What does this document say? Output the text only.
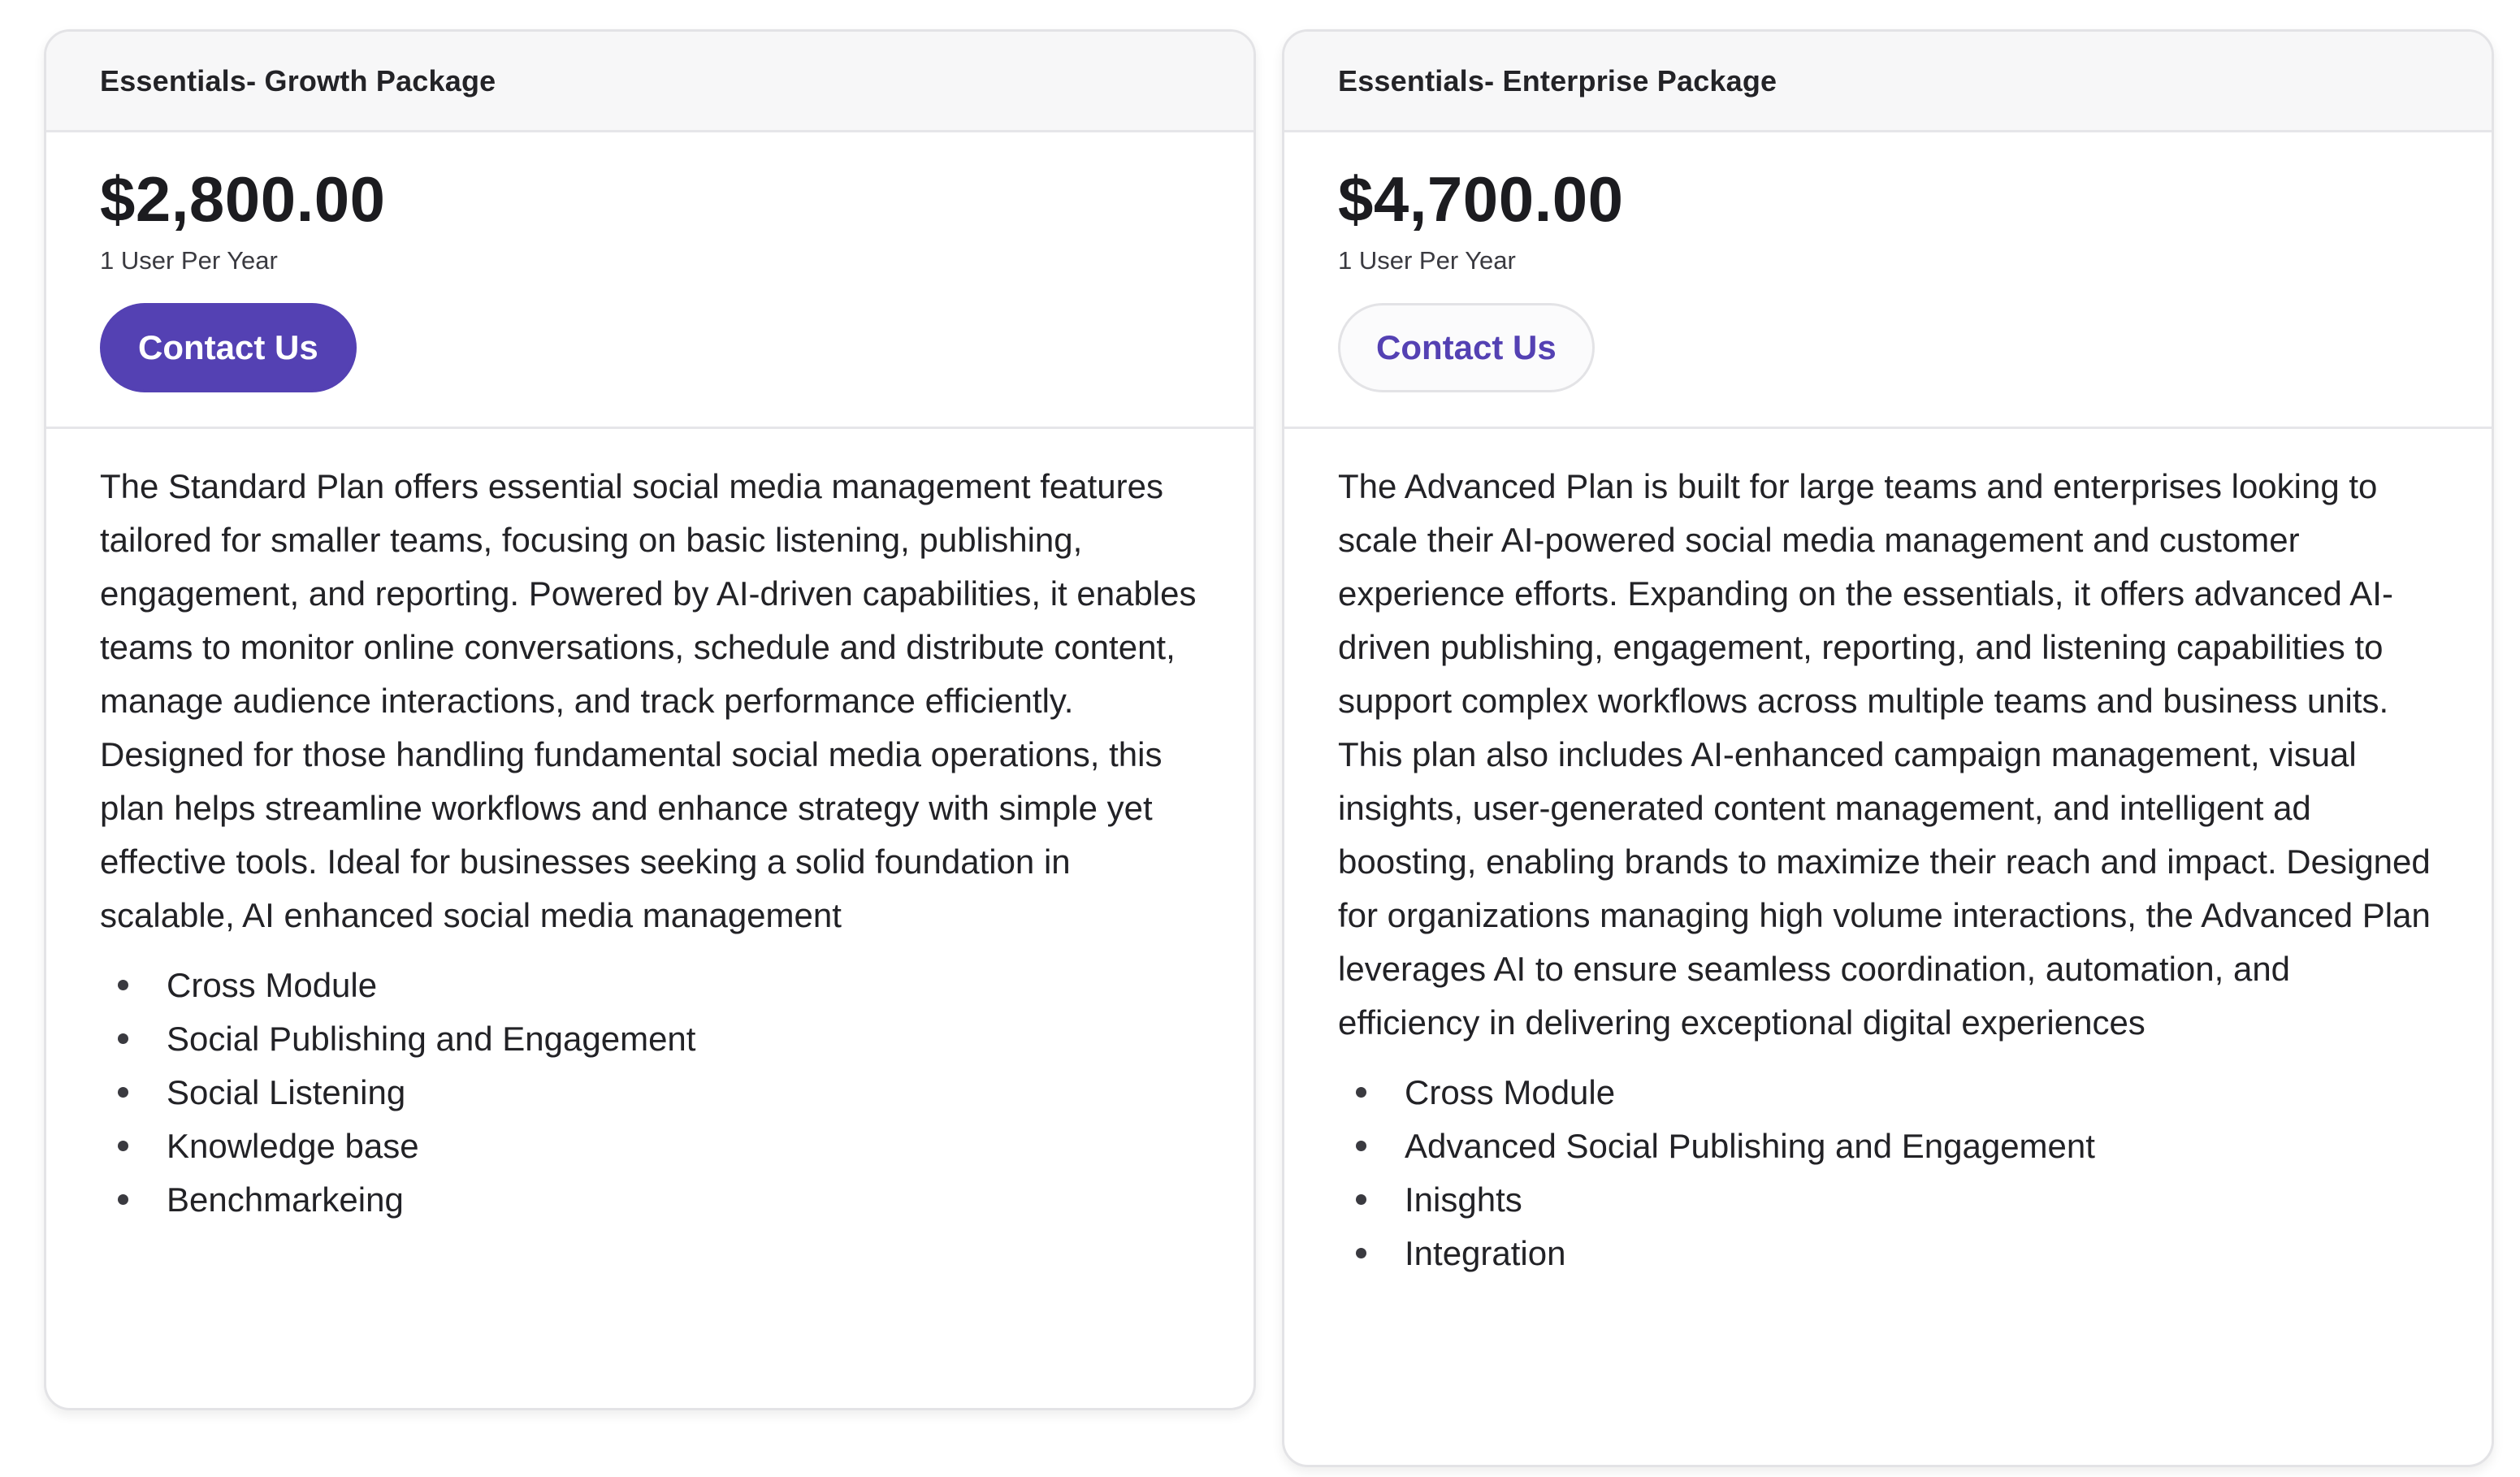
Essentials- Growth Package
$2,800.00
1 User Per Year
Contact Us

The Standard Plan offers essential social media management features tailored for smaller teams, focusing on basic listening, publishing, engagement, and reporting. Powered by AI-driven capabilities, it enables teams to monitor online conversations, schedule and distribute content, manage audience interactions, and track performance efficiently. Designed for those handling fundamental social media operations, this plan helps streamline workflows and enhance strategy with simple yet effective tools. Ideal for businesses seeking a solid foundation in scalable, AI enhanced social media management

Cross Module
Social Publishing and Engagement
Social Listening
Knowledge base
Benchmarkeing
Essentials- Enterprise Package
$4,700.00
1 User Per Year
Contact Us

The Advanced Plan is built for large teams and enterprises looking to scale their AI-powered social media management and customer experience efforts. Expanding on the essentials, it offers advanced AI-driven publishing, engagement, reporting, and listening capabilities to support complex workflows across multiple teams and business units. This plan also includes AI-enhanced campaign management, visual insights, user-generated content management, and intelligent ad boosting, enabling brands to maximize their reach and impact. Designed for organizations managing high volume interactions, the Advanced Plan leverages AI to ensure seamless coordination, automation, and efficiency in delivering exceptional digital experiences

Cross Module
Advanced Social Publishing and Engagement
Inisghts
Integration
